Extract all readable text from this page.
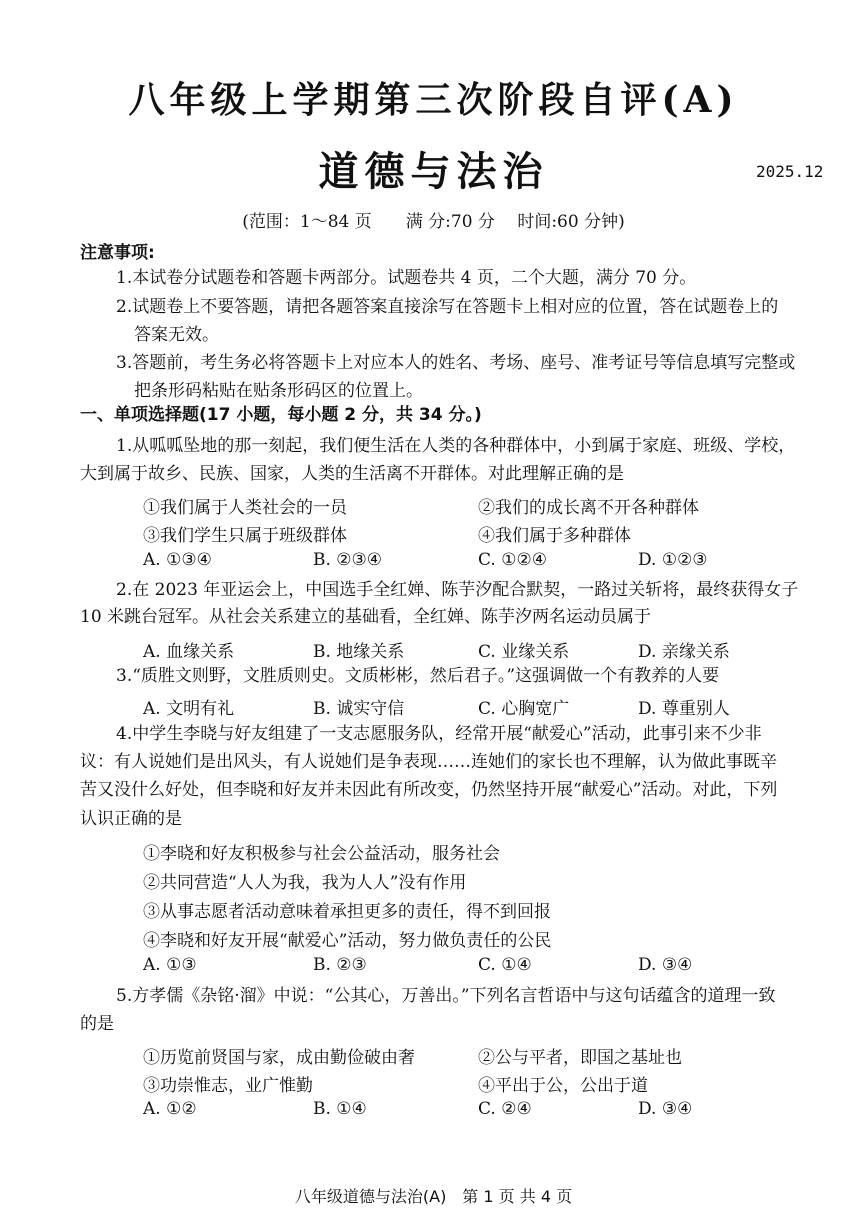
八年级上学期第三次阶段自评(A)
道德与法治	2025.12
(范围：1～84 页　　满 分:70 分　 时间:60 分钟)
注意事项:
1.本试卷分试题卷和答题卡两部分。试题卷共 4 页，二个大题，满分 70 分。
2.试题卷上不要答题，请把各题答案直接涂写在答题卡上相对应的位置，答在试题卷上的
答案无效。
3.答题前，考生务必将答题卡上对应本人的姓名、考场、座号、准考证号等信息填写完整或
把条形码粘贴在贴条形码区的位置上。
一、单项选择题(17 小题，每小题 2 分，共 34 分。)
1.从呱呱坠地的那一刻起，我们便生活在人类的各种群体中，小到属于家庭、班级、学校，
大到属于故乡、民族、国家，人类的生活离不开群体。对此理解正确的是
①我们属于人类社会的一员	②我们的成长离不开各种群体
③我们学生只属于班级群体	④我们属于多种群体
A. ①③④	B. ②③④	C. ①②④	D. ①②③
2.在 2023 年亚运会上，中国选手全红婵、陈芋汐配合默契，一路过关斩将，最终获得女子
10 米跳台冠军。从社会关系建立的基础看，全红婵、陈芋汐两名运动员属于
A. 血缘关系	B. 地缘关系	C. 业缘关系	D. 亲缘关系
3.“质胜文则野，文胜质则史。文质彬彬，然后君子。”这强调做一个有教养的人要
A. 文明有礼	B. 诚实守信	C. 心胸宽广	D. 尊重别人
4.中学生李晓与好友组建了一支志愿服务队，经常开展“献爱心”活动，此事引来不少非
议：有人说她们是出风头，有人说她们是争表现……连她们的家长也不理解，认为做此事既辛
苦又没什么好处，但李晓和好友并未因此有所改变，仍然坚持开展“献爱心”活动。对此，下列
认识正确的是
①李晓和好友积极参与社会公益活动，服务社会
②共同营造“人人为我，我为人人”没有作用
③从事志愿者活动意味着承担更多的责任，得不到回报
④李晓和好友开展“献爱心”活动，努力做负责任的公民
A. ①③	B. ②③	C. ①④	D. ③④
5.方孝儒《杂铭·溜》中说：“公其心，万善出。”下列名言哲语中与这句话蕴含的道理一致
的是
①历览前贤国与家，成由勤俭破由奢	②公与平者，即国之基址也
③功崇惟志，业广惟勤	④平出于公，公出于道
A. ①②	B. ①④	C. ②④	D. ③④
八年级道德与法治(A)　第 1 页 共 4 页
